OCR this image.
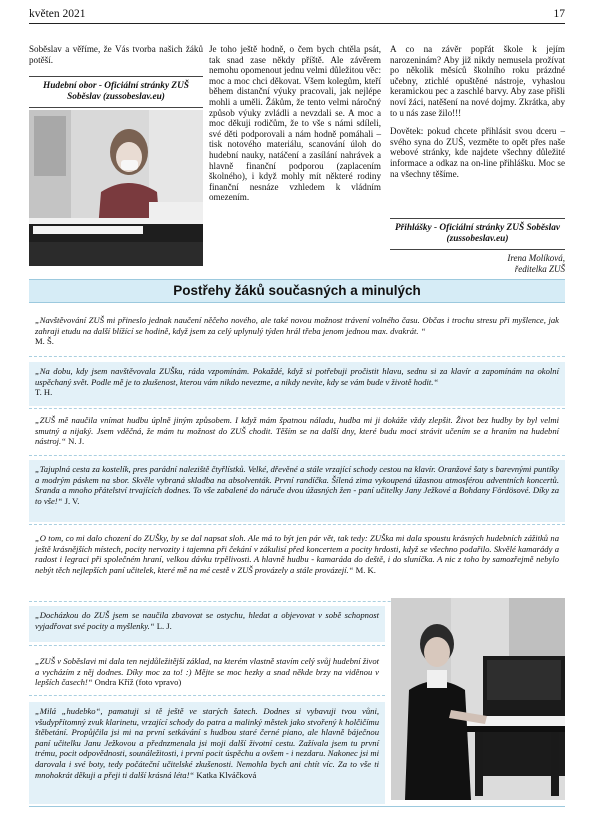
květen 2021	17

Soběslav a věříme, že Vás tvorba našich žáků potěší.

Hudební obor - Oficiální stránky ZUŠ Soběslav (zussobeslav.eu)

Je toho ještě hodně, o čem bych chtěla psát, tak snad zase někdy příště. Ale závěrem nemohu opomenout jednu velmi důležitou věc: moc a moc chci děkovat. Všem kolegům, kteří během distanční výuky pracovali, jak nejlépe mohli a uměli. Žákům, že tento velmi náročný způsob výuky zvládli a nevzdali se. A moc a moc děkuji rodičům, že to vše s námi sdíleli, své děti podporovali a nám hodně pomáhali – tisk notového materiálu, scanování úloh do hudební nauky, natáčení a zasílání nahrávek a hlavně finanční podporou (zaplacením školného), i když mohly mít některé rodiny finanční nesnáze vzhledem k vládním omezením.

A co na závěr popřát škole k jejím narozeninám? Aby již nikdy nemusela prožívat po několik měsíců školního roku prázdné učebny, ztichlé opuštěné nástroje, vyhaslou keramickou pec a zaschlé barvy. Aby zase přišli noví žáci, natěšení na nové dojmy. Zkrátka, aby to u nás zase žilo!!!

Dovětek: pokud chcete přihlásit svou dceru – svého syna do ZUŠ, vezměte to opět přes naše webové stránky, kde najdete všechny důležité informace a odkaz na on-line přihlášku. Moc se na všechny těšíme.

Přihlášky - Oficiální stránky ZUŠ Soběslav (zussobeslav.eu)
Irena Molíková,
ředitelka ZUŠ
Postřehy žáků současných a minulých
„Navštěvování ZUŠ mi přineslo jednak naučení něčeho nového, ale také novou možnost trávení volného času. Občas i trochu stresu při myšlence, jak zahraji etudu na další blížící se hodině, když jsem za celý uplynulý týden hrál třeba jenom jednou max. dvakrát. “
M. Š.
„Na dobu, kdy jsem navštěvovala ZUŠku, ráda vzpomínám. Pokaždé, když si potřebuji pročistit hlavu, sednu si za klavír a zapomínám na okolní uspěchaný svět. Podle mě je to zkušenost, kterou vám nikdo nevezme, a nikdy nevíte, kdy se vám bude v životě hodit.“
T. H.
„ZUŠ mě naučila vnímat hudbu úplně jiným způsobem. I když mám špatnou náladu, hudba mi ji dokáže vždy zlepšit. Život bez hudby by byl velmi smutný a nijaký. Jsem vděčná, že mám tu možnost do ZUŠ chodit. Těším se na další dny, které budu moci strávit učením se a hraním na hudební nástroj.“ N. J.
„Tajuplná cesta za kostelík, pres parádní naleziště čtyřlístků. Velké, dřevěné a stále vrzající schody cestou na klavír. Oranžové šaty s barevnými puntíky a modrým páskem na sbor. Skvěle vybraná skladba na absolventák. První randíčka. Šílená zima vykoupená úžasnou atmosférou adventních koncertů. Srandа a mnoho přátelství trvajících dodnes. To vše zabalené do náruče dvou úžasných žen - paní učitelky Jany Ježkové a Bohdany Fördösové. Díky za to vše!“ J. V.
„O tom, co mi dalo chození do ZUŠky, by se dal napsat sloh. Ale má to být jen pár vět, tak tedy: ZUŠka mi dala spoustu krásných hudebních zážitků na ještě krásnějších místech, pocity nervozity i tajemna při čekání v zákulisí před koncertem a pocity hrdosti, když se všechno podařilo. Skvělé kamarády a radost i legraci při společném hraní, velkou dávku trpělivosti. A hlavně hudbu - kamaráda do deště, i do sluníčka. A nic z toho by samozřejmě nebylo nebýt těch nejlepších paní učitelek, které mě na mé cestě v ZUŠ provázely a stále provázejí.“ M. K.
„Docházkou do ZUŠ jsem se naučila zbavovat se ostychu, hledat a objevovat v sobě schopnost vyjadřovat své pocity a myšlenky.“ L. J.
„ZUŠ v Soběslavi mi dala ten nejdůležitější základ, na kterém vlastně stavím celý svůj hudební život a vycházím z něj dodnes. Díky moc za to! :) Mějte se moc hezky a snad někde brzy na viděnou v lepších časech!“ Ondra Kříž (foto vpravo)
„Milá „hudebko“, pamatuji si tě ještě ve starých šatech. Dodnes si vybavuji tvou vůni, všudypřítomný zvuk klarinetu, vrzající schody do patra a malinký městek jako stvořený k holčičímu štěbetání. Propůjčila jsi mi na první setkávání s hudbou staré černé piano, ale hlavně báječnou paní učitelku Janu Ježkovou a přednzmenala jsi moji další životní cestu. Zažívala jsem tu první trému, pocit odpovědnosti, sounáležitosti, i první pocit úspěchu a ovšem - i nezdaru. Nakonec jsi mi darovala i své boty, tedy počáteční učitelské zkušenosti. Nemohla bych ani chtít víc. Za to vše ti mnohokrát děkuji a přeji ti další krásná léta!“ Katka Klváčková
